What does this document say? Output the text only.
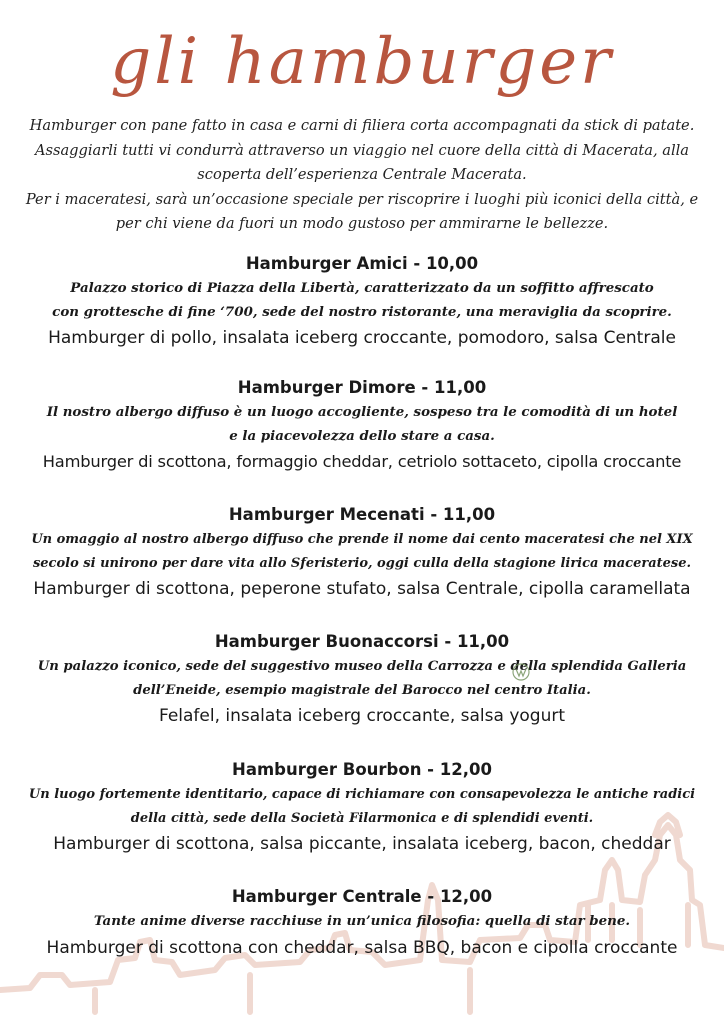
gli hamburger
Hamburger con pane fatto in casa e carni di filiera corta accompagnati da stick di patate. Assaggiarli tutti vi condurrà attraverso un viaggio nel cuore della città di Macerata, alla scoperta dell’esperienza Centrale Macerata.
Per i maceratesi, sarà un’occasione speciale per riscoprire i luoghi più iconici della città, e per chi viene da fuori un modo gustoso per ammirarne le bellezze.
Hamburger Amici - 10,00
Palazzo storico di Piazza della Libertà, caratterizzato da un soffitto affrescato
con grottesche di fine ‘700, sede del nostro ristorante, una meraviglia da scoprire.
Hamburger di pollo, insalata iceberg croccante, pomodoro, salsa Centrale
Hamburger Dimore - 11,00
Il nostro albergo diffuso è un luogo accogliente, sospeso tra le comodità di un hotel
e la piacevolezza dello stare a casa.
Hamburger di scottona, formaggio cheddar, cetriolo sottaceto, cipolla croccante
Hamburger Mecenati - 11,00
Un omaggio al nostro albergo diffuso che prende il nome dai cento maceratesi che nel XIX
secolo si unirono per dare vita allo Sferisterio, oggi culla della stagione lirica maceratese.
Hamburger di scottona, peperone stufato, salsa Centrale, cipolla caramellata
Hamburger Buonaccorsi - 11,00
Un palazzo iconico, sede del suggestivo museo della Carrozza e della splendida Galleria
dell’Eneide, esempio magistrale del Barocco nel centro Italia.
Felafel, insalata iceberg croccante, salsa yogurt
Hamburger Bourbon - 12,00
Un luogo fortemente identitario, capace di richiamare con consapevolezza le antiche radici
della città, sede della Società Filarmonica e di splendidi eventi.
Hamburger di scottona, salsa piccante, insalata iceberg, bacon, cheddar
Hamburger Centrale - 12,00
Tante anime diverse racchiuse in un’unica filosofia: quella di star bene.
Hamburger di scottona con cheddar, salsa BBQ, bacon e cipolla croccante
